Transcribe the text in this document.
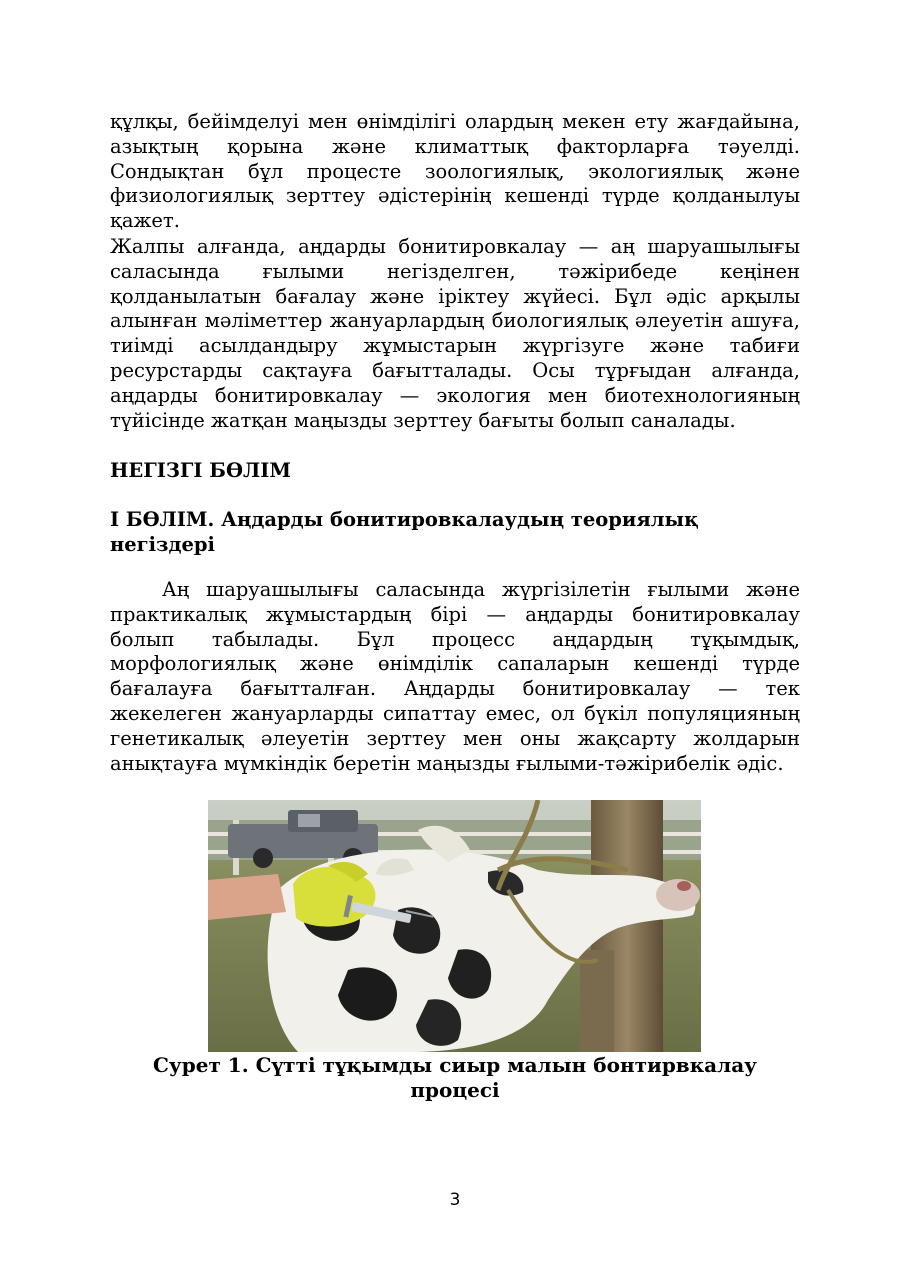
құлқы, бейімделуі мен өнімділігі олардың мекен ету жағдайына, азықтың қорына және климаттық факторларға тәуелді. Сондықтан бұл процесте зоологиялық, экологиялық және физиологиялық зерттеу әдістерінің кешенді түрде қолданылуы қажет.

Жалпы алғанда, аңдарды бонитировкалау — аң шаруашылығы саласында ғылыми негізделген, тәжірибеде кеңінен қолданылатын бағалау және іріктеу жүйесі. Бұл әдіс арқылы алынған мәліметтер жануарлардың биологиялық әлеуетін ашуға, тиімді асылдандыру жұмыстарын жүргізуге және табиғи ресурстарды сақтауға бағытталады. Осы тұрғыдан алғанда, аңдарды бонитировкалау — экология мен биотехнологияның түйісінде жатқан маңызды зерттеу бағыты болып саналады.

НЕГІЗГІ БӨЛІМ

І БӨЛІМ. Аңдарды бонитировкалаудың теориялық
негіздері

Аң шаруашылығы саласында жүргізілетін ғылыми және практикалық жұмыстардың бірі — аңдарды бонитировкалау болып табылады. Бұл процесс аңдардың тұқымдық, морфологиялық және өнімділік сапаларын кешенді түрде бағалауға бағытталған. Аңдарды бонитировкалау — тек жекелеген жануарларды сипаттау емес, ол бүкіл популяцияның генетикалық әлеуетін зерттеу мен оны жақсарту жолдарын анықтауға мүмкіндік беретін маңызды ғылыми-тәжірибелік әдіс.

Сурет 1. Сүтті тұқымды сиыр малын бонтирвкалау
процесі
3
